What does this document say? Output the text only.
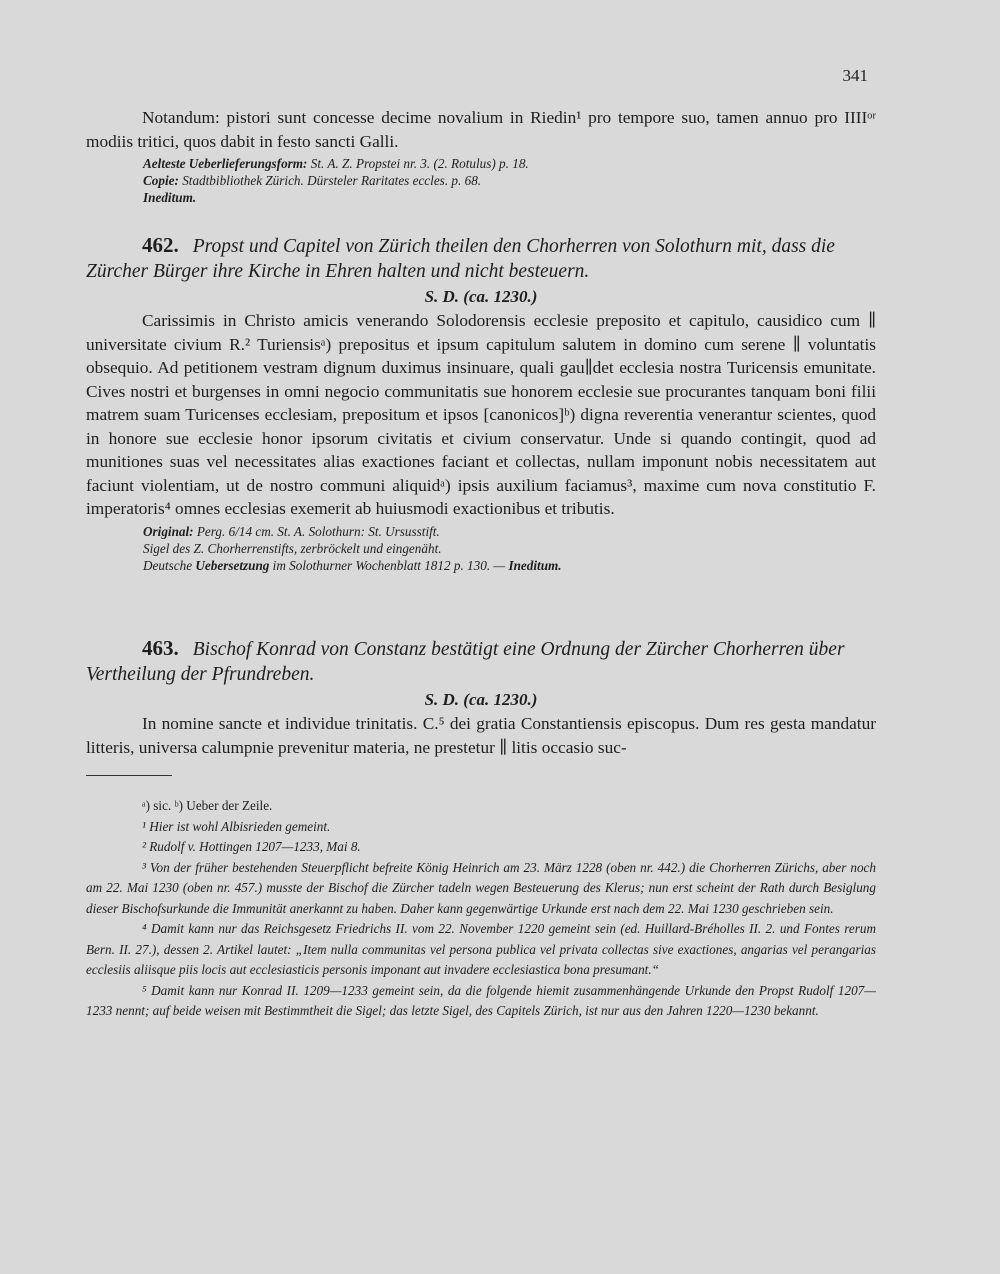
341

Notandum: pistori sunt concesse decime novalium in Riedin¹ pro tempore suo, tamen annuo pro IIIIᵒʳ modiis tritici, quos dabit in festo sancti Galli.

Aelteste Ueberlieferungsform: St. A. Z. Propstei nr. 3. (2. Rotulus) p. 18.

Copie: Stadtbibliothek Zürich. Dürsteler Raritates eccles. p. 68.

Ineditum.

462. Propst und Capitel von Zürich theilen den Chorherren von Solothurn mit, dass die Zürcher Bürger ihre Kirche in Ehren halten und nicht besteuern.

S. D. (ca. 1230.)

Carissimis in Christo amicis venerando Solodorensis ecclesie preposito et capitulo, causidico cum ∥ universitate civium R.² Turiensisᵃ) prepositus et ipsum capitulum salutem in domino cum serene ∥ voluntatis obsequio. Ad petitionem vestram dignum duximus insinuare, quali gau∥det ecclesia nostra Turicensis emunitate. Cives nostri et burgenses in omni negocio communitatis sue honorem ecclesie sue procurantes tanquam boni filii matrem suam Turicenses ecclesiam, prepositum et ipsos [canonicos]ᵇ) digna reverentia venerantur scientes, quod in honore sue ecclesie honor ipsorum civitatis et civium conservatur. Unde si quando contingit, quod ad munitiones suas vel necessitates alias exactiones faciant et collectas, nullam imponunt nobis necessitatem aut faciunt violentiam, ut de nostro communi aliquidᵃ) ipsis auxilium faciamus³, maxime cum nova constitutio F. imperatoris⁴ omnes ecclesias exemerit ab huiusmodi exactionibus et tributis.

Original: Perg. 6/14 cm. St. A. Solothurn: St. Ursusstift.

Sigel des Z. Chorherrenstifts, zerbröckelt und eingenäht.

Deutsche Uebersetzung im Solothurner Wochenblatt 1812 p. 130. — Ineditum.

463. Bischof Konrad von Constanz bestätigt eine Ordnung der Zürcher Chorherren über Vertheilung der Pfrundreben.

S. D. (ca. 1230.)

In nomine sancte et individue trinitatis. C.⁵ dei gratia Constantiensis episcopus. Dum res gesta mandatur litteris, universa calumpnie prevenitur materia, ne prestetur ∥ litis occasio suc-

ᵃ) sic. ᵇ) Ueber der Zeile.

¹ Hier ist wohl Albisrieden gemeint.

² Rudolf v. Hottingen 1207—1233, Mai 8.

³ Von der früher bestehenden Steuerpflicht befreite König Heinrich am 23. März 1228 (oben nr. 442.) die Chorherren Zürichs, aber noch am 22. Mai 1230 (oben nr. 457.) musste der Bischof die Zürcher tadeln wegen Besteuerung des Klerus; nun erst scheint der Rath durch Besiglung dieser Bischofsurkunde die Immunität anerkannt zu haben. Daher kann gegenwärtige Urkunde erst nach dem 22. Mai 1230 geschrieben sein.

⁴ Damit kann nur das Reichsgesetz Friedrichs II. vom 22. November 1220 gemeint sein (ed. Huillard-Bréholles II. 2. und Fontes rerum Bern. II. 27.), dessen 2. Artikel lautet: „Item nulla communitas vel persona publica vel privata collectas sive exactiones, angarias vel perangarias ecclesiis aliisque piis locis aut ecclesiasticis personis imponant aut invadere ecclesiastica bona presumant.“

⁵ Damit kann nur Konrad II. 1209—1233 gemeint sein, da die folgende hiemit zusammenhängende Urkunde den Propst Rudolf 1207—1233 nennt; auf beide weisen mit Bestimmtheit die Sigel; das letzte Sigel, des Capitels Zürich, ist nur aus den Jahren 1220—1230 bekannt.
